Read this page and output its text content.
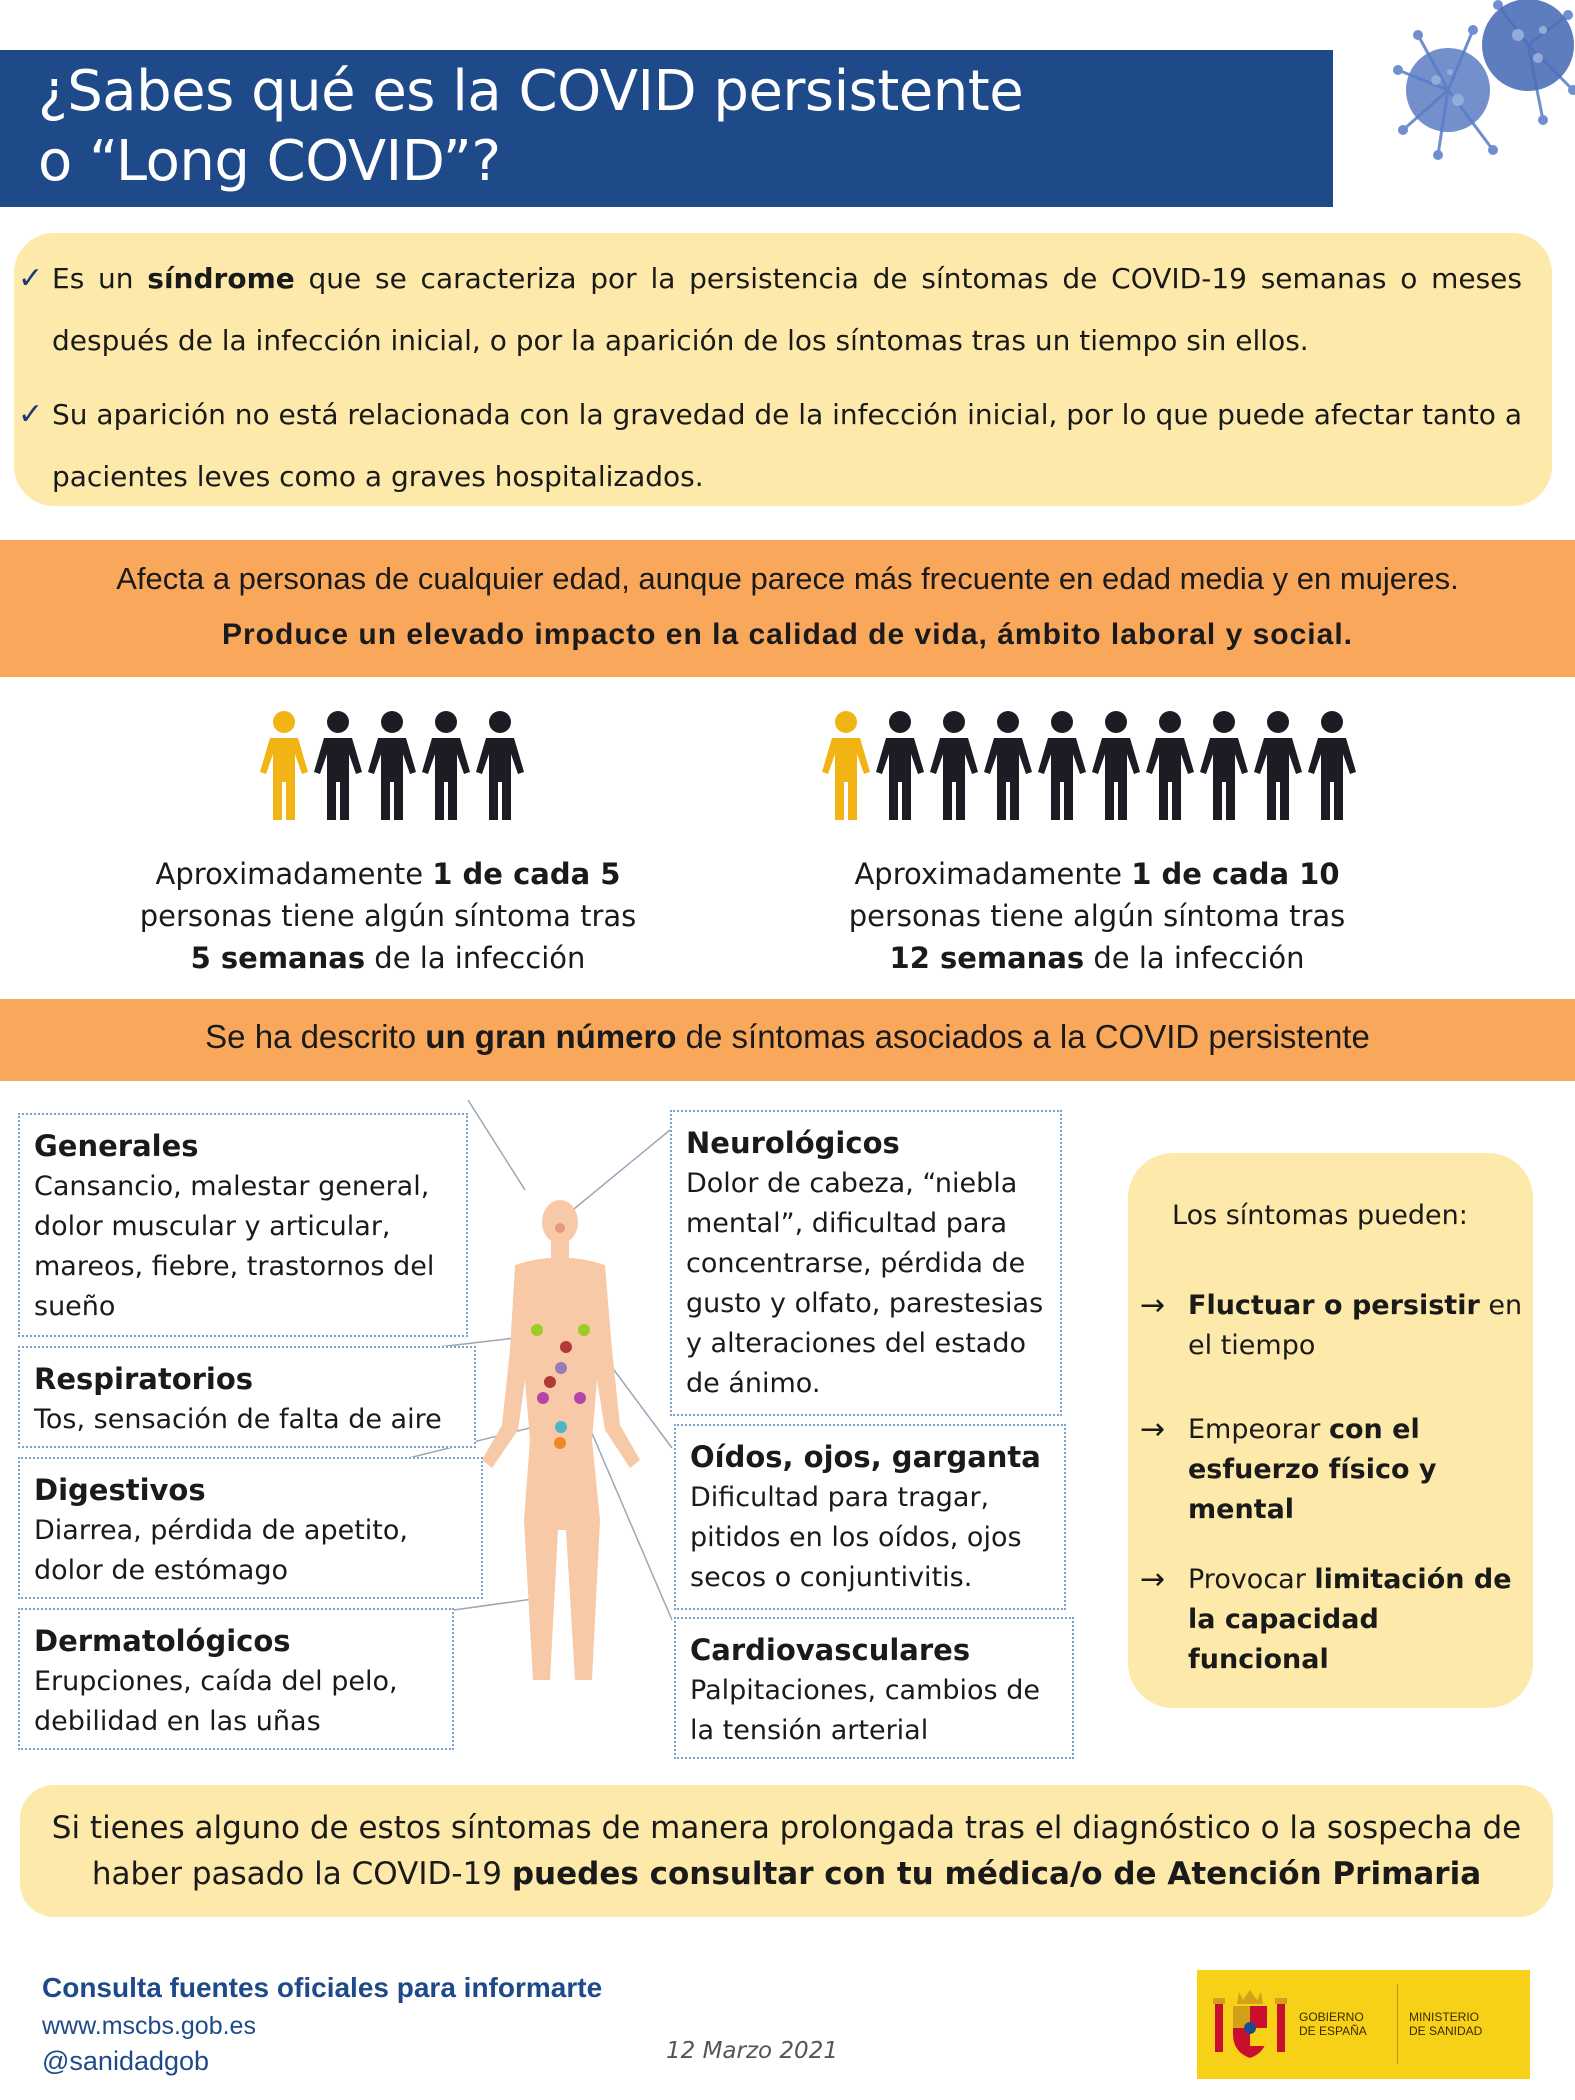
¿Sabes qué es la COVID persistente
o “Long COVID”?
✓ Es un síndrome que se caracteriza por la persistencia de síntomas de COVID-19 semanas o meses después de la infección inicial, o por la aparición de los síntomas tras un tiempo sin ellos.
✓ Su aparición no está relacionada con la gravedad de la infección inicial, por lo que puede afectar tanto a pacientes leves como a graves hospitalizados.
Afecta a personas de cualquier edad, aunque parece más frecuente en edad media y en mujeres.
Produce un elevado impacto en la calidad de vida, ámbito laboral y social.
Aproximadamente 1 de cada 5
personas tiene algún síntoma tras
5 semanas de la infección
Aproximadamente 1 de cada 10
personas tiene algún síntoma tras
12 semanas de la infección
Se ha descrito un gran número de síntomas asociados a la COVID persistente
Generales
Cansancio, malestar general,
dolor muscular y articular,
mareos, fiebre, trastornos del
sueño
Respiratorios
Tos, sensación de falta de aire
Digestivos
Diarrea, pérdida de apetito,
dolor de estómago
Dermatológicos
Erupciones, caída del pelo,
debilidad en las uñas
Neurológicos
Dolor de cabeza, “niebla
mental”, dificultad para
concentrarse, pérdida de
gusto y olfato, parestesias
y alteraciones del estado
de ánimo.
Oídos, ojos, garganta
Dificultad para tragar,
pitidos en los oídos, ojos
secos o conjuntivitis.
Cardiovasculares
Palpitaciones, cambios de
la tensión arterial
Los síntomas pueden:
→ Fluctuar o persistir en
el tiempo
→ Empeorar con el
esfuerzo físico y mental
→ Provocar limitación de
la capacidad funcional
Si tienes alguno de estos síntomas de manera prolongada tras el diagnóstico o la sospecha de
haber pasado la COVID-19 puedes consultar con tu médica/o de Atención Primaria
Consulta fuentes oficiales para informarte
www.mscbs.gob.es
@sanidadgob	12 Marzo 2021
GOBIERNO
DE ESPAÑA
MINISTERIO
DE SANIDAD
